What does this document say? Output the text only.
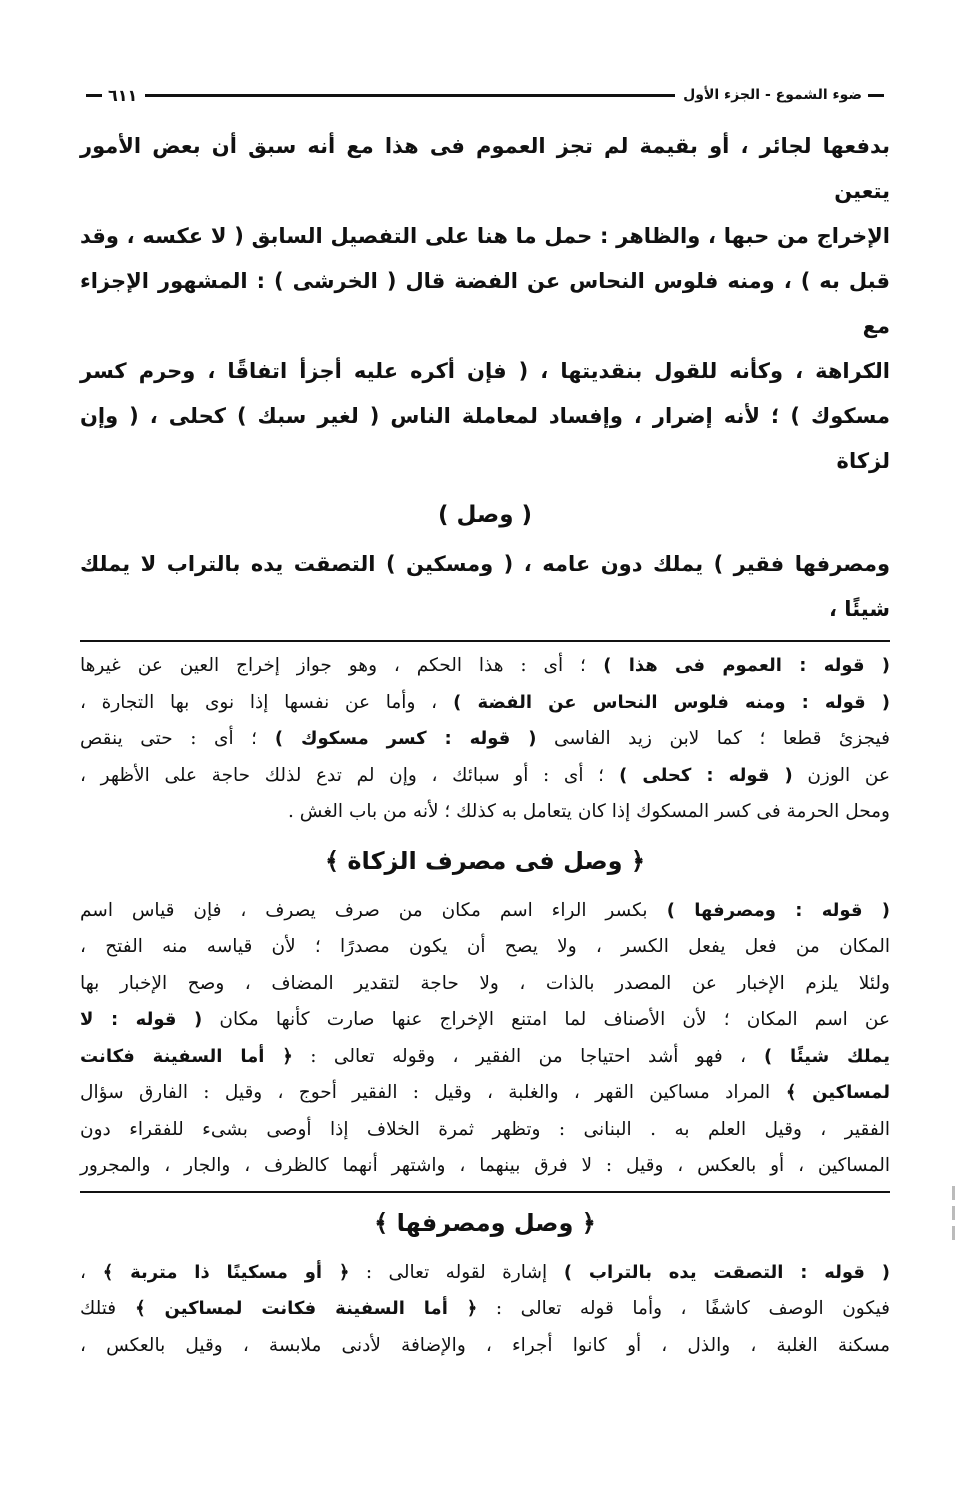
ضوء الشموع - الجزء الأول
٦١١

بدفعها لجائر ، أو بقيمة لم تجز العموم فى هذا مع أنه سبق أن بعض الأمور يتعين

الإخراج من حبها ، والظاهر : حمل ما هنا على التفصيل السابق ( لا عكسه ، وقد

قبل به ) ، ومنه فلوس النحاس عن الفضة قال ( الخرشى ) : المشهور الإجزاء مع

الكراهة ، وكأنه للقول بنقديتها ، ( فإن أكره عليه أجزأ اتفاقًا ، وحرم كسر

مسكوك ) ؛ لأنه إضرار ، وإفساد لمعاملة الناس ( لغير سبك ) كحلى ، ( وإن لزكاة

( وصل )

ومصرفها فقير ) يملك دون عامه ، ( ومسكين ) التصقت يده بالتراب لا يملك شيئًا ،

( قوله : العموم فى هذا ) ؛ أى : هذا الحكم ، وهو جواز إخراج العين عن غيرها

( قوله : ومنه فلوس النحاس عن الفضة ) ، وأما عن نفسها إذا نوى بها التجارة ،

فيجزئ قطعا ؛ كما لابن زيد الفاسى ( قوله : كسر مسكوك ) ؛ أى : حتى ينقص

عن الوزن ( قوله : كحلى ) ؛ أى : أو سبائك ، وإن لم تدع لذلك حاجة على الأظهر ،

ومحل الحرمة فى كسر المسكوك إذا كان يتعامل به كذلك ؛ لأنه من باب الغش .

﴿ وصل فى مصرف الزكاة ﴾

( قوله : ومصرفها ) بكسر الراء اسم مكان من صرف يصرف ، فإن قياس اسم

المكان من فعل يفعل الكسر ، ولا يصح أن يكون مصدرًا ؛ لأن قياسه منه الفتح ،

ولئلا يلزم الإخبار عن المصدر بالذات ، ولا حاجة لتقدير المضاف ، وصح الإخبار بها

عن اسم المكان ؛ لأن الأصناف لما امتنع الإخراج عنها صارت كأنها مكان ( قوله : لا

يملك شيئًا ) ، فهو أشد احتياجا من الفقير ، وقوله تعالى : ﴿ أما السفينة فكانت

لمساكين ﴾ المراد مساكين القهر ، والغلبة ، وقيل : الفقير أحوج ، وقيل : الفارق سؤال

الفقير ، وقيل العلم به . البنانى : وتظهر ثمرة الخلاف إذا أوصى بشىء للفقراء دون

المساكين ، أو بالعكس ، وقيل : لا فرق بينهما ، واشتهر أنهما كالظرف ، والجار ، والمجرور

﴿ وصل ومصرفها ﴾

( قوله : التصقت يده بالتراب ) إشارة لقوله تعالى : ﴿ أو مسكينًا ذا متربة ﴾ ،

فيكون الوصف كاشفًا ، وأما قوله تعالى : ﴿ أما السفينة فكانت لمساكين ﴾ فتلك

مسكنة الغلبة ، والذل ، أو كانوا أجراء ، والإضافة لأدنى ملابسة ، وقيل بالعكس ،
